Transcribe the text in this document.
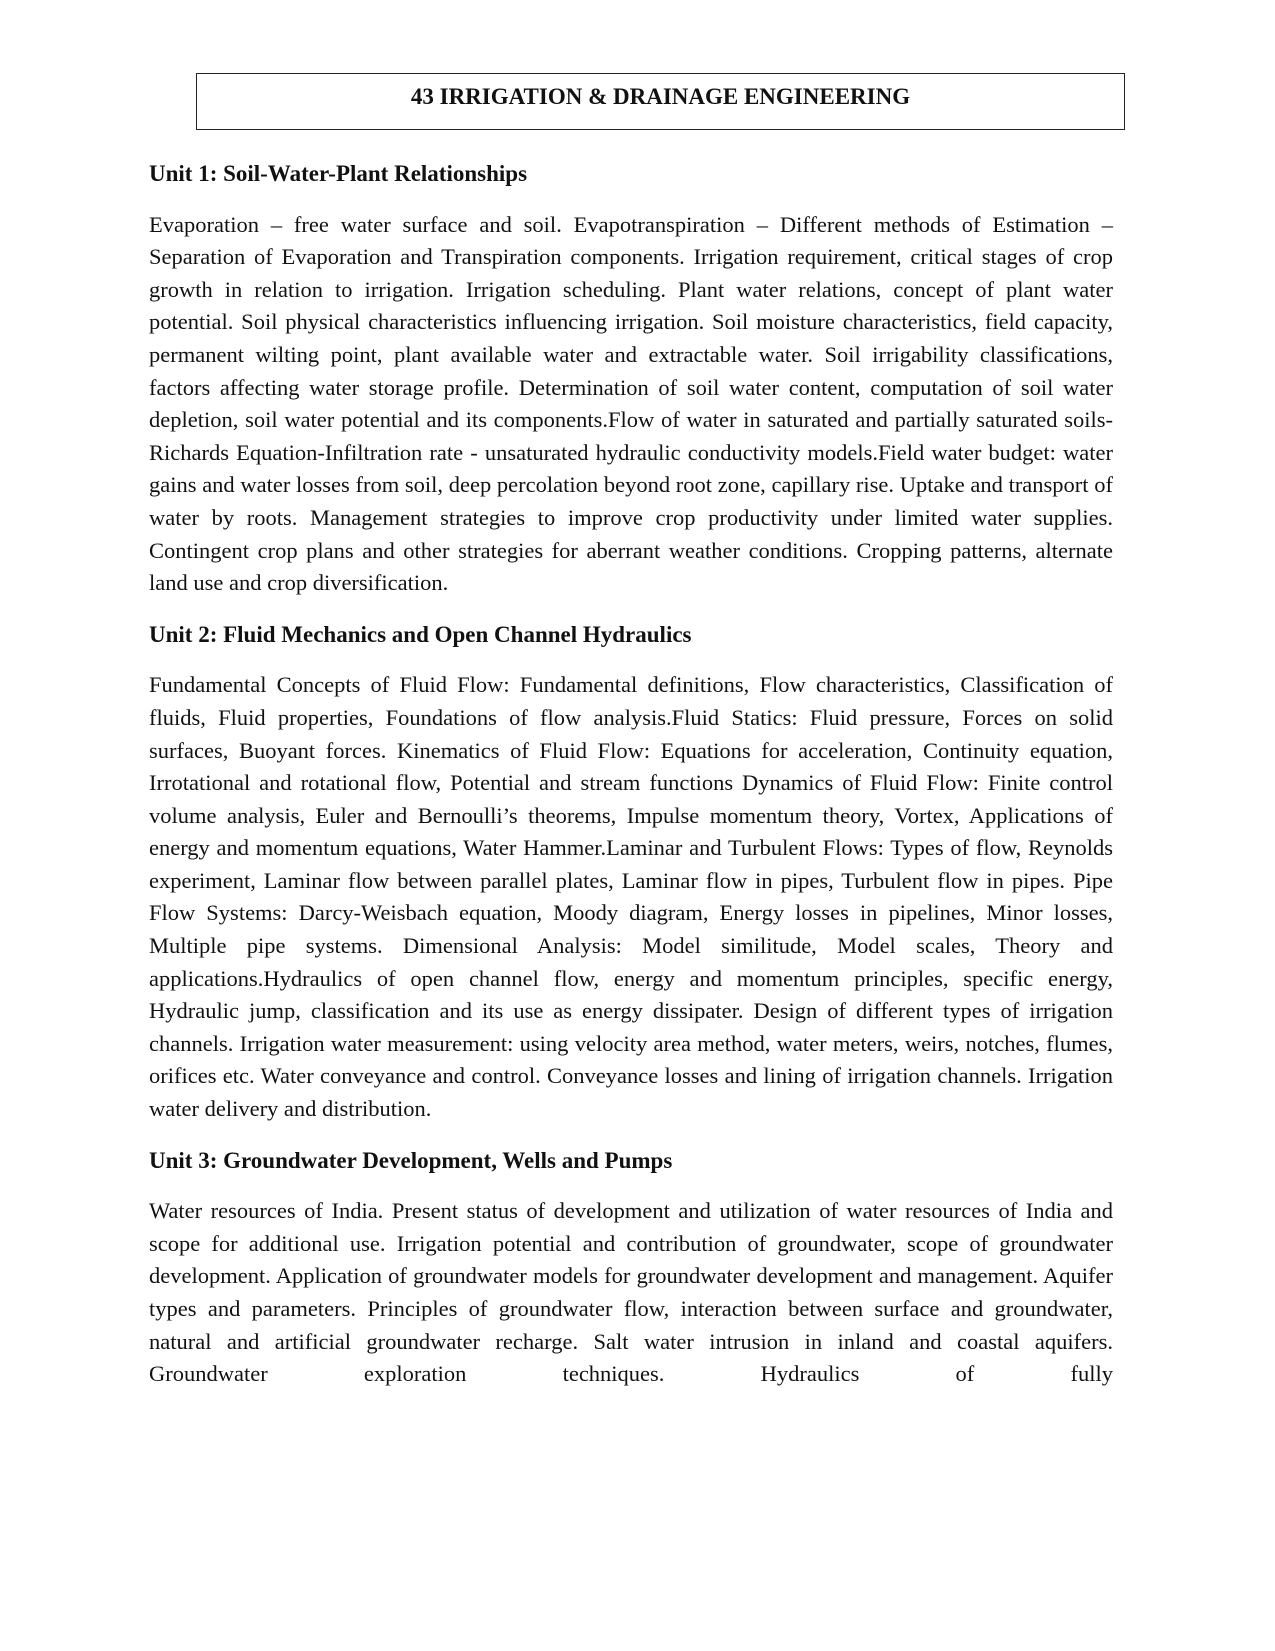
43 IRRIGATION & DRAINAGE ENGINEERING
Unit 1: Soil-Water-Plant Relationships

Evaporation – free water surface and soil. Evapotranspiration – Different methods of Estimation – Separation of Evaporation and Transpiration components. Irrigation requirement, critical stages of crop growth in relation to irrigation. Irrigation scheduling. Plant water relations, concept of plant water potential. Soil physical characteristics influencing irrigation. Soil moisture characteristics, field capacity, permanent wilting point, plant available water and extractable water. Soil irrigability classifications, factors affecting water storage profile. Determination of soil water content, computation of soil water depletion, soil water potential and its components.Flow of water in saturated and partially saturated soils- Richards Equation-Infiltration rate - unsaturated hydraulic conductivity models.Field water budget: water gains and water losses from soil, deep percolation beyond root zone, capillary rise. Uptake and transport of water by roots. Management strategies to improve crop productivity under limited water supplies. Contingent crop plans and other strategies for aberrant weather conditions. Cropping patterns, alternate land use and crop diversification.

Unit 2: Fluid Mechanics and Open Channel Hydraulics

Fundamental Concepts of Fluid Flow: Fundamental definitions, Flow characteristics, Classification of fluids, Fluid properties, Foundations of flow analysis.Fluid Statics: Fluid pressure, Forces on solid surfaces, Buoyant forces. Kinematics of Fluid Flow: Equations for acceleration, Continuity equation, Irrotational and rotational flow, Potential and stream functions Dynamics of Fluid Flow: Finite control volume analysis, Euler and Bernoulli’s theorems, Impulse momentum theory, Vortex, Applications of energy and momentum equations, Water Hammer.Laminar and Turbulent Flows: Types of flow, Reynolds experiment, Laminar flow between parallel plates, Laminar flow in pipes, Turbulent flow in pipes. Pipe Flow Systems: Darcy-Weisbach equation, Moody diagram, Energy losses in pipelines, Minor losses, Multiple pipe systems. Dimensional Analysis: Model similitude, Model scales, Theory and applications.Hydraulics of open channel flow, energy and momentum principles, specific energy, Hydraulic jump, classification and its use as energy dissipater. Design of different types of irrigation channels. Irrigation water measurement: using velocity area method, water meters, weirs, notches, flumes, orifices etc. Water conveyance and control. Conveyance losses and lining of irrigation channels. Irrigation water delivery and distribution.

Unit 3: Groundwater Development, Wells and Pumps

Water resources of India. Present status of development and utilization of water resources of India and scope for additional use. Irrigation potential and contribution of groundwater, scope of groundwater development. Application of groundwater models for groundwater development and management. Aquifer types and parameters. Principles of groundwater flow, interaction between surface and groundwater, natural and artificial groundwater recharge. Salt water intrusion in inland and coastal aquifers. Groundwater exploration techniques. Hydraulics of fully
